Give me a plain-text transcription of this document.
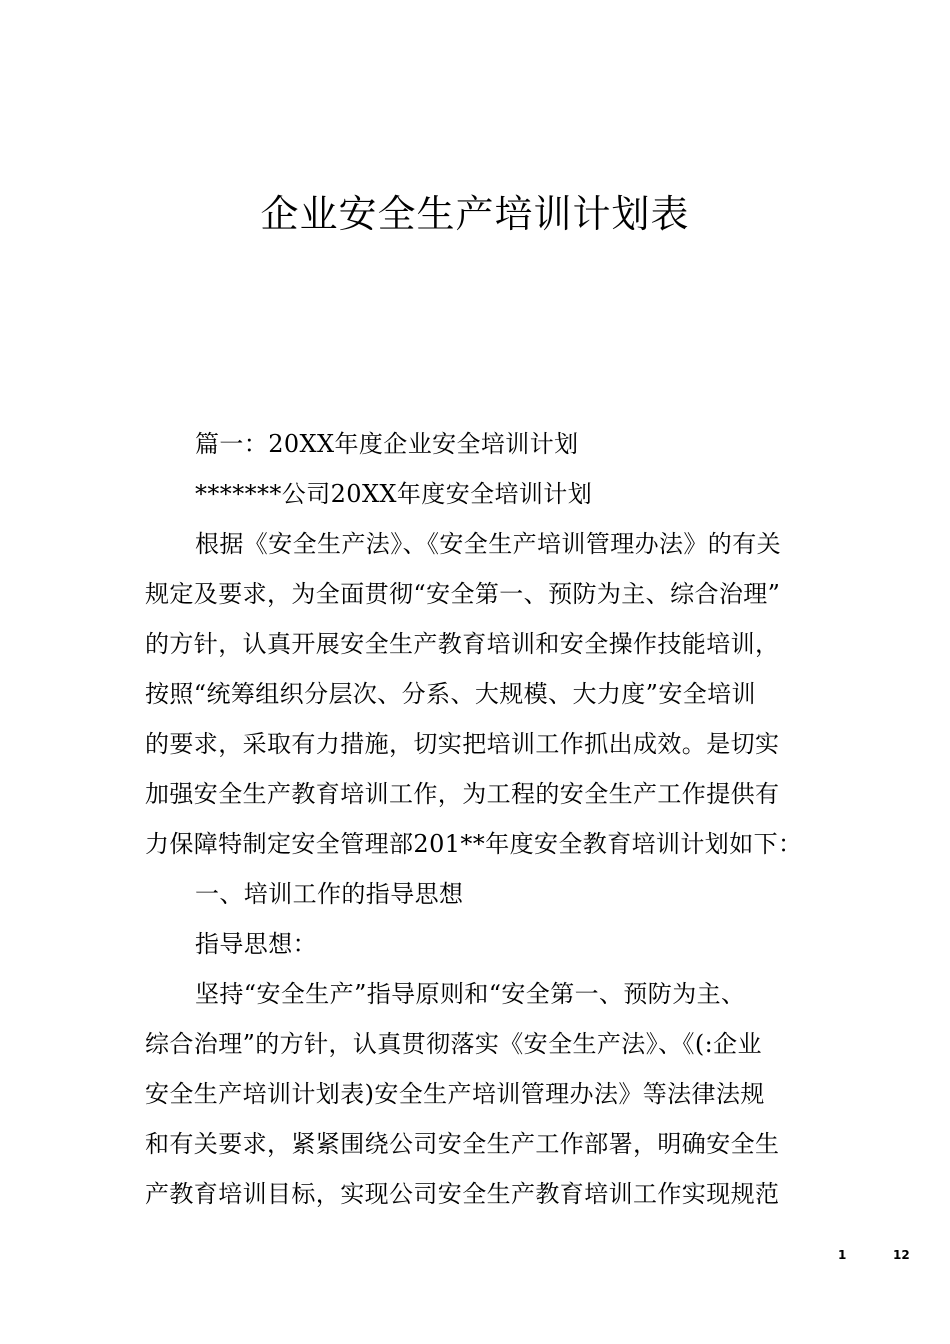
企业安全生产培训计划表
篇一：20XX年度企业安全培训计划
*******公司20XX年度安全培训计划
根据《安全生产法》、《安全生产培训管理办法》的有关
规定及要求，为全面贯彻“安全第一、预防为主、综合治理”
的方针，认真开展安全生产教育培训和安全操作技能培训，
按照“统筹组织分层次、分系、大规模、大力度”安全培训
的要求，采取有力措施，切实把培训工作抓出成效。是切实
加强安全生产教育培训工作，为工程的安全生产工作提供有
力保障特制定安全管理部201**年度安全教育培训计划如下：
一、培训工作的指导思想
指导思想：
坚持“安全生产”指导原则和“安全第一、预防为主、
综合治理”的方针，认真贯彻落实《安全生产法》、《(:企业
安全生产培训计划表)安全生产培训管理办法》等法律法规
和有关要求，紧紧围绕公司安全生产工作部署，明确安全生
产教育培训目标，实现公司安全生产教育培训工作实现规范
1	12
